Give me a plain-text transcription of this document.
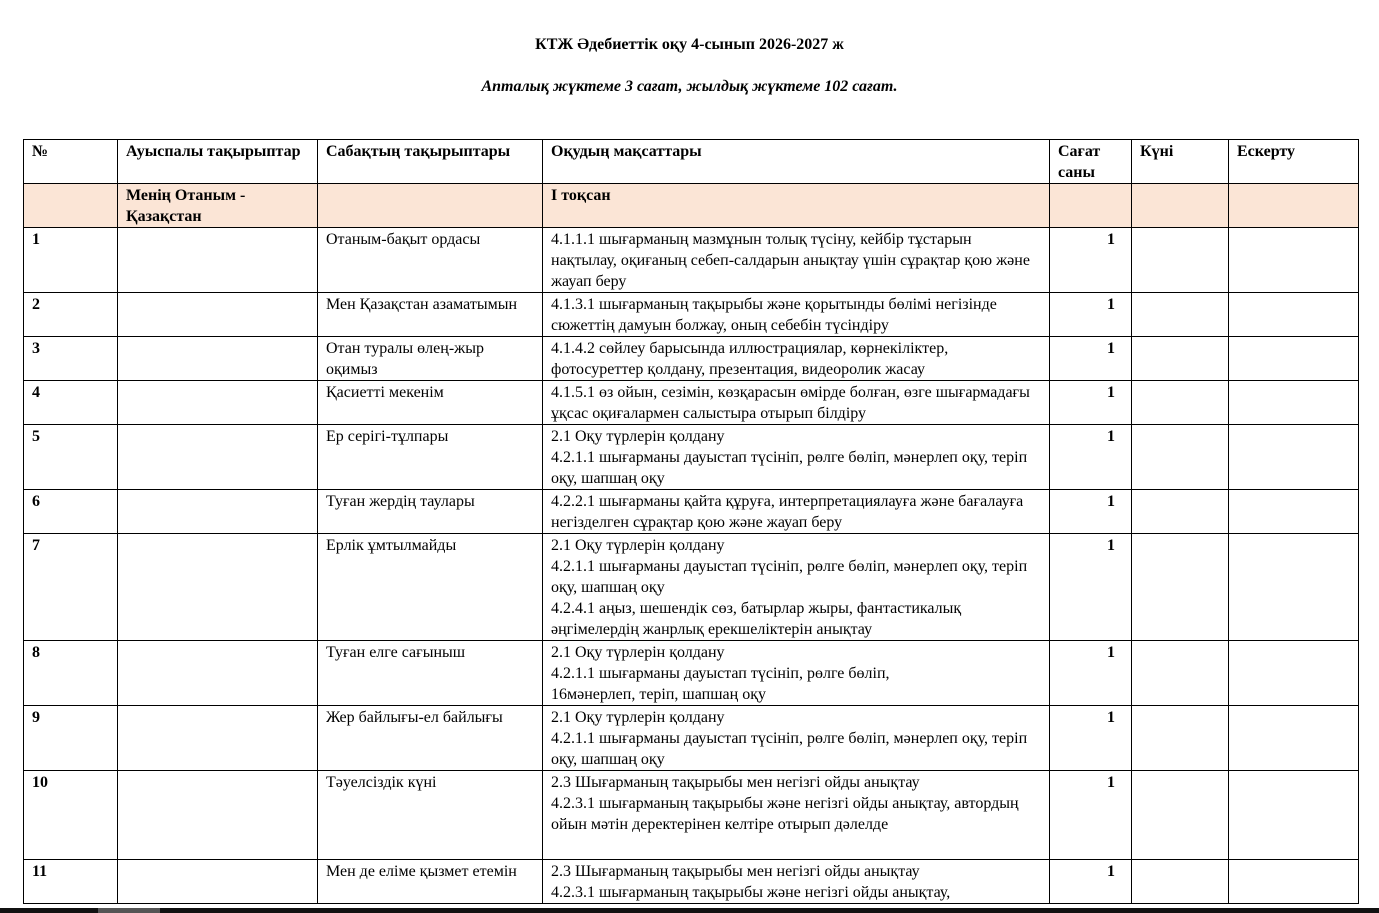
КТЖ Әдебиеттік оқу 4-сынып 2026-2027 ж
Апталық жүктеме 3 сағат, жылдық жүктеме 102 сағат.
№	Ауыспалы тақырыптар	Сабақтың тақырыптары	Оқудың мақсаттары	Сағат саны	Күні	Ескерту
	Менің Отаным - Қазақстан		І тоқсан			
1		Отаным-бақыт ордасы	4.1.1.1 шығарманың мазмұнын толық түсіну, кейбір тұстарын нақтылау, оқиғаның себеп-салдарын анықтау үшін сұрақтар қою және жауап беру	1		
2		Мен Қазақстан азаматымын	4.1.3.1 шығарманың тақырыбы және қорытынды бөлімі негізінде сюжеттің дамуын болжау, оның себебін түсіндіру	1		
3		Отан туралы өлең-жыр оқимыз	4.1.4.2 сөйлеу барысында иллюстрациялар, көрнекіліктер, фотосуреттер қолдану, презентация, видеоролик жасау	1		
4		Қасиетті мекенім	4.1.5.1 өз ойын, сезімін, көзқарасын өмірде болған, өзге шығармадағы ұқсас оқиғалармен салыстыра отырып білдіру	1		
5		Ер серігі-тұлпары	2.1 Оқу түрлерін қолдану
4.2.1.1 шығарманы дауыстап түсініп, рөлге бөліп, мәнерлеп оқу, теріп оқу, шапшаң оқу	1		
6		Туған жердің таулары	4.2.2.1 шығарманы қайта құруға, интерпретациялауға және бағалауға негізделген сұрақтар қою және жауап беру	1		
7		Ерлік ұмтылмайды	2.1 Оқу түрлерін қолдану
4.2.1.1 шығарманы дауыстап түсініп, рөлге бөліп, мәнерлеп оқу, теріп оқу, шапшаң оқу
4.2.4.1 аңыз, шешендік сөз, батырлар жыры, фантастикалық әңгімелердің жанрлық ерекшеліктерін анықтау	1		
8		Туған елге сағыныш	2.1 Оқу түрлерін қолдану
4.2.1.1 шығарманы дауыстап түсініп, рөлге бөліп,
16мәнерлеп, теріп, шапшаң оқу	1		
9		Жер байлығы-ел байлығы	2.1 Оқу түрлерін қолдану
4.2.1.1 шығарманы дауыстап түсініп, рөлге бөліп, мәнерлеп оқу, теріп оқу, шапшаң оқу	1		
10		Тәуелсіздік күні	2.3 Шығарманың тақырыбы мен негізгі ойды анықтау
4.2.3.1 шығарманың тақырыбы және негізгі ойды анықтау, автордың ойын мәтін деректерінен келтіре отырып дәлелде	1		
11		Мен де еліме қызмет етемін	2.3 Шығарманың тақырыбы мен негізгі ойды анықтау
4.2.3.1 шығарманың тақырыбы және негізгі ойды анықтау,	1		
